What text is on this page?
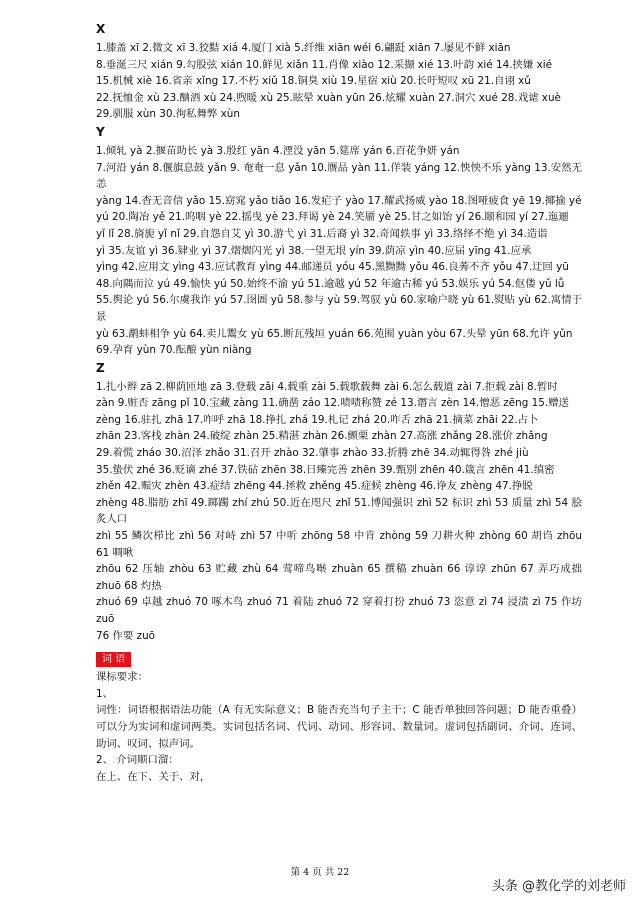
X

1.膝盖 xī 2.微文 xī 3.狡黠 xiá 4.厦门 xià 5.纤维 xiān wéi 6.翩跹 xiān 7.屡见不鲜 xiān

8.垂涎三尺 xián 9.勾股弦 xián 10.鲜见 xiǎn 11.肖像 xiào 12.采撷 xié 13.叶韵 xié 14.挟嫌 xié

15.机械 xiè 16.省亲 xǐng 17.不朽 xiǔ 18.铜臭 xiù 19.星宿 xiù 20.长吁短叹 xū 21.自诩 xǔ

22.抚恤金 xù 23.酗酒 xù 24.煦暖 xù 25.眩晕 xuàn yūn 26.炫耀 xuàn 27.洞穴 xué 28.戏谑 xuè

29.驯服 xùn 30.徇私舞弊 xùn

Y

1.倾轧 yà 2.揠苗助长 yà 3.殷红 yān 4.湮没 yān 5.筵席 yán 6.百花争妍 yán

7.河沿 yán 8.偃旗息鼓 yǎn 9. 奄奄一息 yǎn 10.赝品 yàn 11.佯装 yáng 12.怏怏不乐 yàng 13.安然无恙

yàng 14.杳无音信 yǎo 15.窈窕 yǎo tiǎo 16.发疟子 yào 17.耀武扬威 yào 18.图哑疲食 yē 19.揶揄 yé

yú 20.陶冶 yě 21.呜咽 yè 22.摇曳 yè 23.拜谒 yè 24.笑靥 yè 25.甘之如饴 yí 26.颐和园 yí 27.迤逦

yǐ lǐ 28.旖旎 yǐ nǐ 29.自怨自艾 yì 30.游弋 yì 31.后裔 yì 32.奇闻轶事 yì 33.络绎不绝 yì 34.造诣

yì 35.友谊 yì 36.肄业 yì 37.熠熠闪光 yì 38.一望无垠 yín 39.荫凉 yìn 40.应届 yīng 41.应承

yìng 42.应用文 yìng 43.应试教育 yìng 44.邮递员 yóu 45.黑黝黝 yǒu 46.良莠不齐 yǒu 47.迂回 yū

48.向隅而泣 yú 49.愉快 yú 50.始终不渝 yú 51.逾越 yú 52 年逾古稀 yú 53.娱乐 yú 54.伛偻 yǔ lǚ

55.舆论 yú 56.尔虞我诈 yú 57.囹圄 yǔ 58.参与 yù 59.驾驭 yù 60.家喻户晓 yù 61.熨贴 yù 62.寓情于景

yù 63.鹬蚌相争 yù 64.卖儿鬻女 yù 65.断瓦残垣 yuán 66.苑囿 yuàn yòu 67.头晕 yūn 68.允许 yǔn

69.孕育 yùn 70.酝酿 yùn niàng

Z

1.扎小辫 zā 2.柳荫匝地 zā 3.登载 zǎi 4.载重 zài 5.载歌载舞 zài 6.怎么载道 zài 7.拒载 zài 8.暂时

zàn 9.赃否 zāng pǐ 10.宝藏 zàng 11.确凿 záo 12.啧啧称赞 zé 13.谮言 zèn 14.憎恶 zēng 15.赠送

zèng 16.驻扎 zhā 17.咋呼 zhā 18.挣扎 zhá 19.札记 zhá 20.咋舌 zhā 21.摘菜 zhāi 22.占卜

zhān 23.客栈 zhàn 24.破绽 zhàn 25.精湛 zhàn 26.颤栗 zhàn 27.高涨 zhǎng 28.涨价 zhǎng

29.着慌 zháo 30.沼泽 zhǎo 31.召开 zhào 32.肇事 zhào 33.折腾 zhē 34.动辄得咎 zhé jiù

35.蛰伏 zhé 36.贬谪 zhé 37.铁砧 zhēn 38.日臻完善 zhēn 39.甄别 zhēn 40.箴言 zhēn 41.缜密

zhěn 42.赈灾 zhèn 43.症结 zhēng 44.拯救 zhěng 45.症候 zhèng 46.诤友 zhèng 47.挣脱

zhèng 48.脂肪 zhī 49.踯躅 zhí zhú 50.近在咫尺 zhǐ 51.博闻强识 zhì 52 标识 zhì 53 质量 zhì 54 脍炙人口

zhì 55 鳞次栉比 zhì 56 对峙 zhì 57 中听 zhōng 58 中肯 zhòng 59 刀耕火种 zhòng 60 胡诌 zhōu 61 啁啾

zhōu 62 压轴 zhòu 63 贮藏 zhù 64 莺啼鸟啭 zhuàn 65 撰稿 zhuàn 66 谆谆 zhūn 67 弄巧成拙 zhuō 68 灼热

zhuó 69 卓越 zhuó 70 啄木鸟 zhuó 71 着陆 zhuó 72 穿着打扮 zhuó 73 恣意 zì 74 浸渍 zì 75 作坊 zuō

76 作要 zuō

词 语

课标要求：

1、

词性：词语根据语法功能（A 有无实际意义；B 能否充当句子主干；C 能否单独回答问题；D 能否重叠）可以分为实词和虚词两类。实词包括名词、代词、动词、形容词、数量词。虚词包括副词、介词、连词、助词、叹词、拟声词。

2、 介词顺口溜：

在上、在下、关于、对，

第 4 页 共 22
头条 @教化学的刘老师
